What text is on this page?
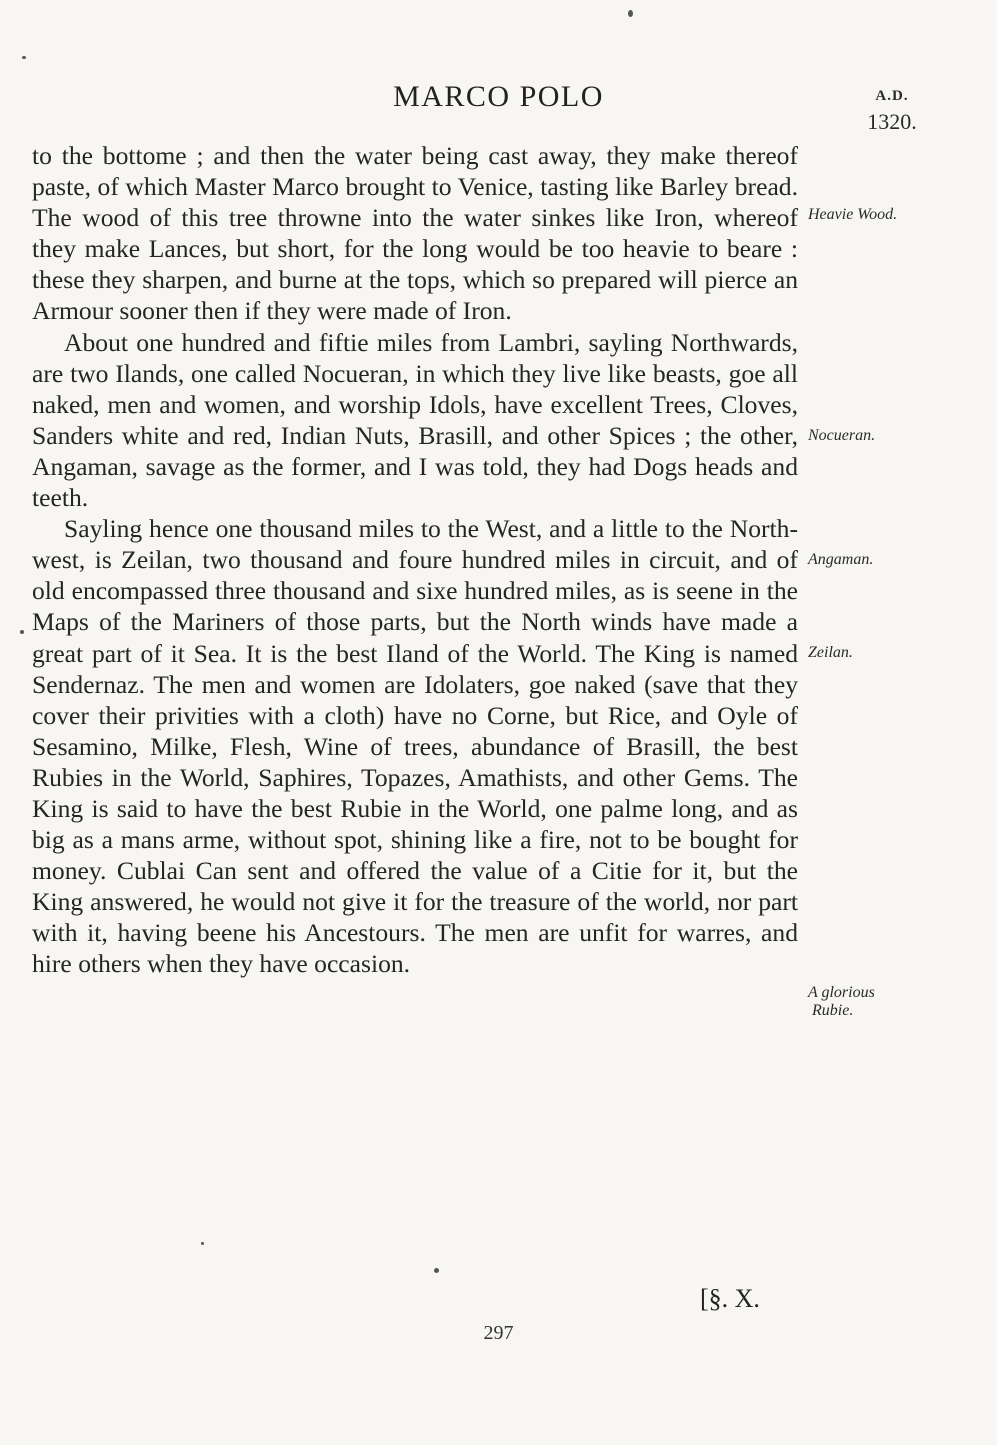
MARCO POLO	A.D.
1320.

to the bottome ; and then the water being cast away, they make thereof paste, of which Master Marco brought to Venice, tasting like Barley bread. The wood of this tree throwne into the water sinkes like Iron, whereof they make Lances, but short, for the long would be too heavie to beare : these they sharpen, and burne at the tops, which so prepared will pierce an Armour sooner then if they were made of Iron.

About one hundred and fiftie miles from Lambri, sayling Northwards, are two Ilands, one called Nocueran, in which they live like beasts, goe all naked, men and women, and worship Idols, have excellent Trees, Cloves, Sanders white and red, Indian Nuts, Brasill, and other Spices ; the other, Angaman, savage as the former, and I was told, they had Dogs heads and teeth.

Sayling hence one thousand miles to the West, and a little to the North-west, is Zeilan, two thousand and foure hundred miles in circuit, and of old encompassed three thousand and sixe hundred miles, as is seene in the Maps of the Mariners of those parts, but the North winds have made a great part of it Sea. It is the best Iland of the World. The King is named Sendernaz. The men and women are Idolaters, goe naked (save that they cover their privities with a cloth) have no Corne, but Rice, and Oyle of Sesamino, Milke, Flesh, Wine of trees, abundance of Brasill, the best Rubies in the World, Saphires, Topazes, Amathists, and other Gems. The King is said to have the best Rubie in the World, one palme long, and as big as a mans arme, without spot, shining like a fire, not to be bought for money. Cublai Can sent and offered the value of a Citie for it, but the King answered, he would not give it for the treasure of the world, nor part with it, having beene his Ancestours. The men are unfit for warres, and hire others when they have occasion.

Heavie Wood.
Nocueran.
Angaman.
Zeilan.
A glorious
Rubie.
[§. X.
297
